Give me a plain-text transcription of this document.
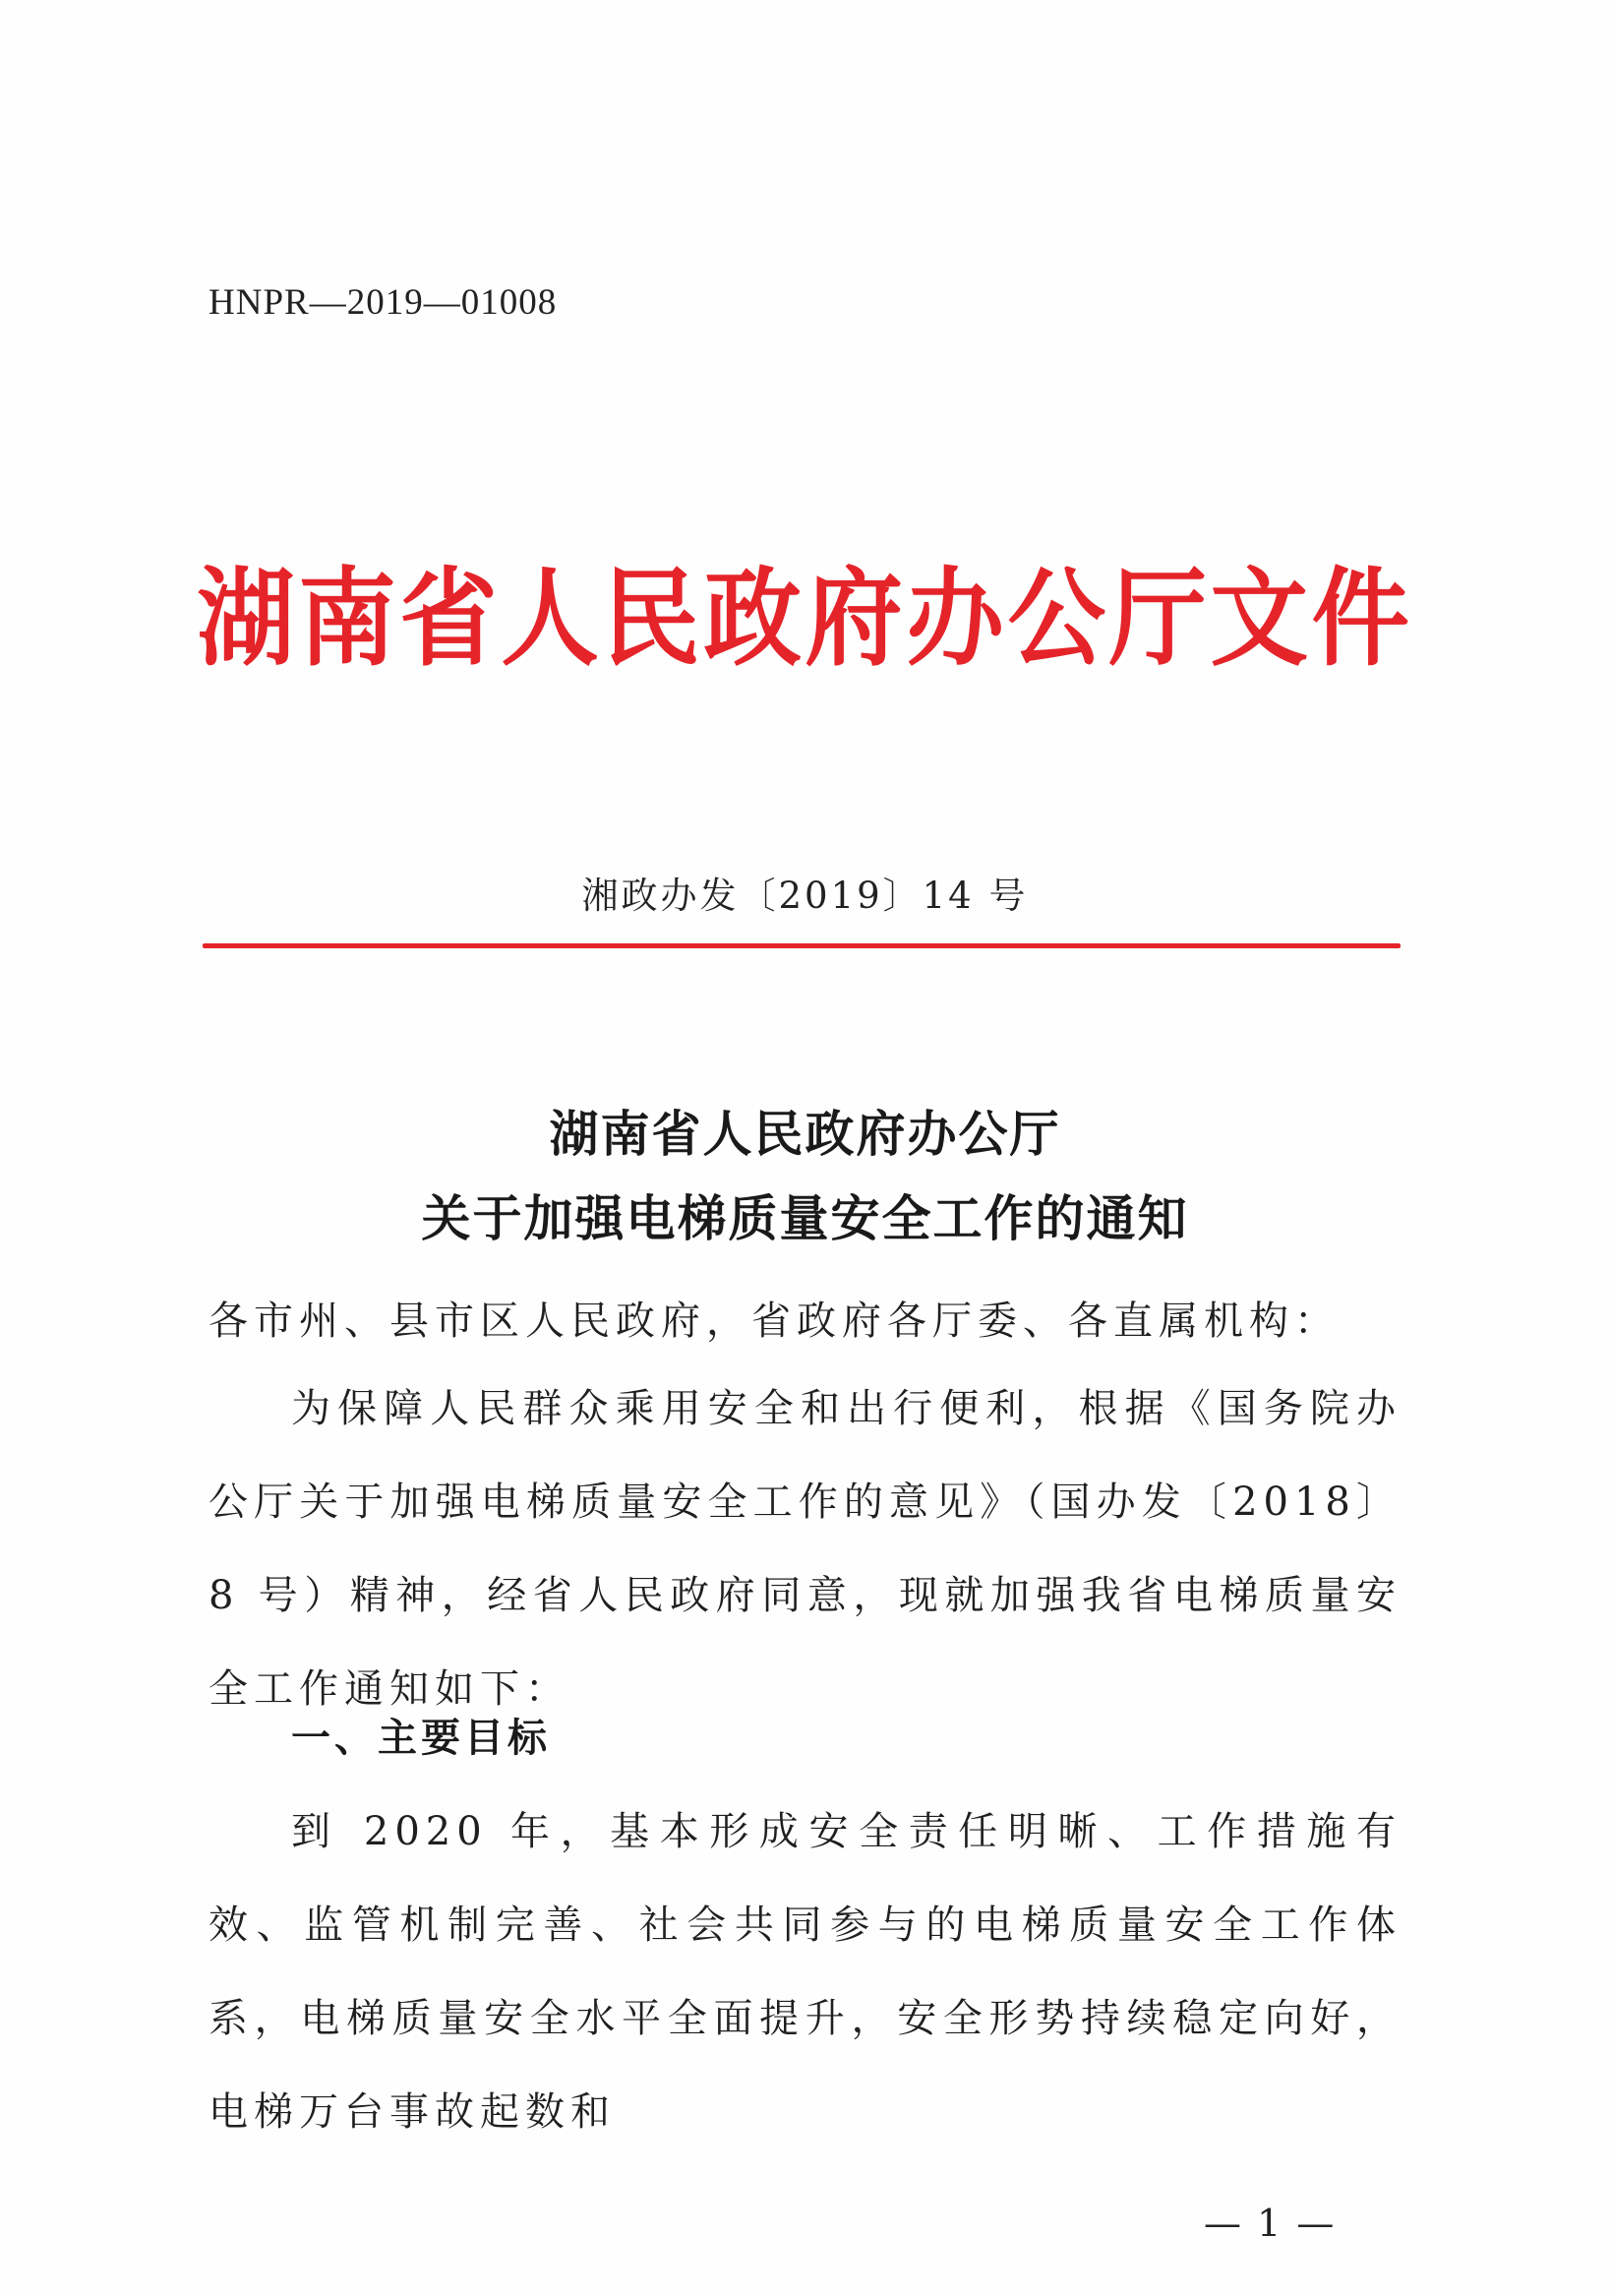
HNPR—2019—01008
湖南省人民政府办公厅文件
湘政办发〔2019〕14 号
湖南省人民政府办公厅
关于加强电梯质量安全工作的通知
各市州、县市区人民政府，省政府各厅委、各直属机构：
为保障人民群众乘用安全和出行便利，根据《国务院办公厅关于加强电梯质量安全工作的意见》（国办发〔2018〕8 号）精神，经省人民政府同意，现就加强我省电梯质量安全工作通知如下：
一、主要目标
到 2020 年，基本形成安全责任明晰、工作措施有效、监管机制完善、社会共同参与的电梯质量安全工作体系，电梯质量安全水平全面提升，安全形势持续稳定向好，电梯万台事故起数和
— 1 —
